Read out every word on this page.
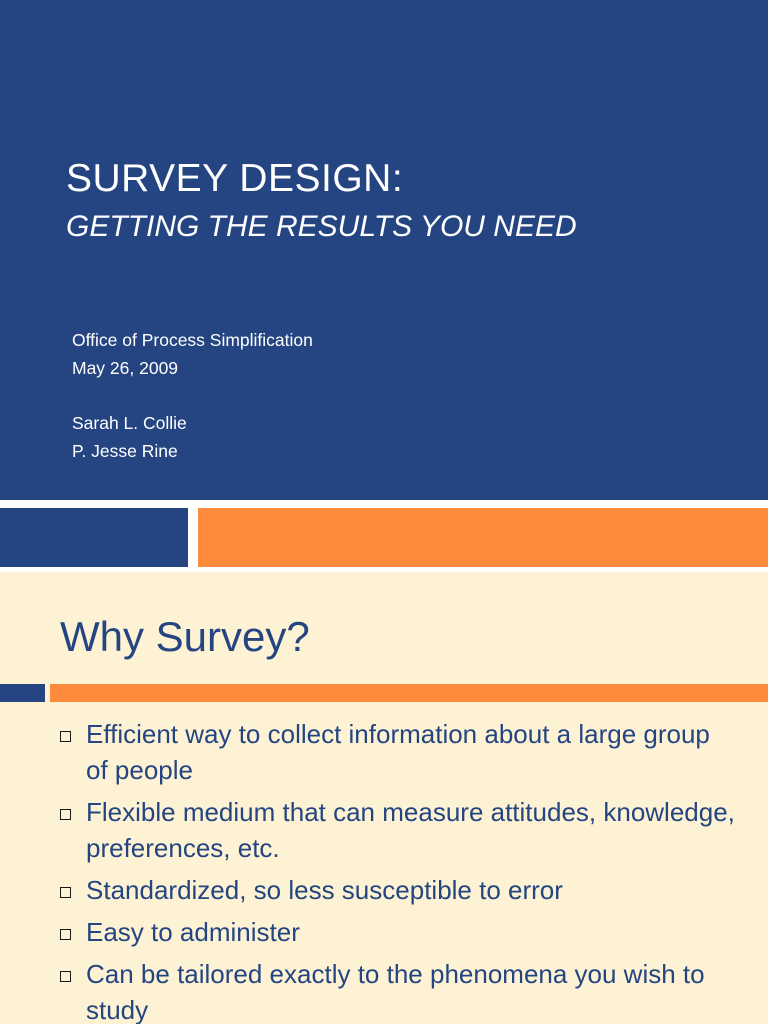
SURVEY DESIGN:
GETTING THE RESULTS YOU NEED
Office of Process Simplification
May 26, 2009
Sarah L. Collie
P. Jesse Rine
Why Survey?
Efficient way to collect information about a large group of people
Flexible medium that can measure attitudes, knowledge, preferences, etc.
Standardized, so less susceptible to error
Easy to administer
Can be tailored exactly to the phenomena you wish to study
